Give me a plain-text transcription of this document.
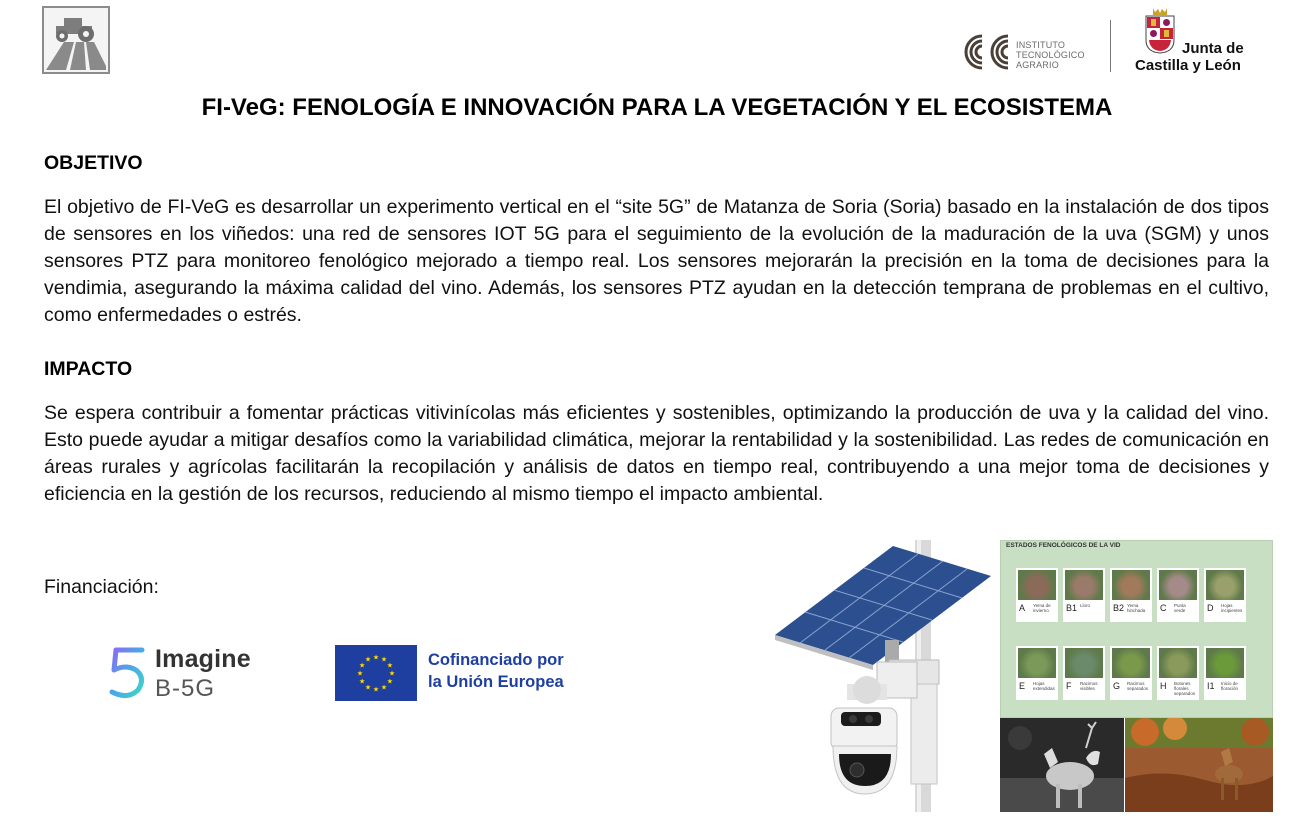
INSTITUTO
TECNOLÓGICO
AGRARIO
Junta de
Castilla y León
FI-VeG: FENOLOGÍA E INNOVACIÓN PARA LA VEGETACIÓN Y EL ECOSISTEMA
OBJETIVO
El objetivo de FI-VeG es desarrollar un experimento vertical en el “site 5G” de Matanza de Soria (Soria) basado en la instalación de dos tipos de sensores en los viñedos: una red de sensores IOT 5G para el seguimiento de la evolución de la maduración de la uva (SGM) y unos sensores PTZ para monitoreo fenológico mejorado a tiempo real. Los sensores mejorarán la precisión en la toma de decisiones para la vendimia, asegurando la máxima calidad del vino. Además, los sensores PTZ ayudan en la detección temprana de problemas en el cultivo, como enfermedades o estrés.
IMPACTO
Se espera contribuir a fomentar prácticas vitivinícolas más eficientes y sostenibles, optimizando la producción de uva y la calidad del vino. Esto puede ayudar a mitigar desafíos como la variabilidad climática, mejorar la rentabilidad y la sostenibilidad. Las redes de comunicación en áreas rurales y agrícolas facilitarán la recopilación y análisis de datos en tiempo real, contribuyendo a una mejor toma de decisiones y eficiencia en la gestión de los recursos, reduciendo al mismo tiempo el impacto ambiental.
Financiación:
Imagine
B-5G
★ ★
★
★
★
★
★
★
★
★
★
★	Cofinanciado por
la Unión Europea
ESTADOS FENOLÓGICOS DE LA VID
A Yema de invierno	B1 Lloro	B2 Yema hinchada	C Punta verde	D Hojas incipientes
E Hojas extendidas F Racimos visibles	G Racimos separados	H Botones florales separados
I1 Inicio de floración
